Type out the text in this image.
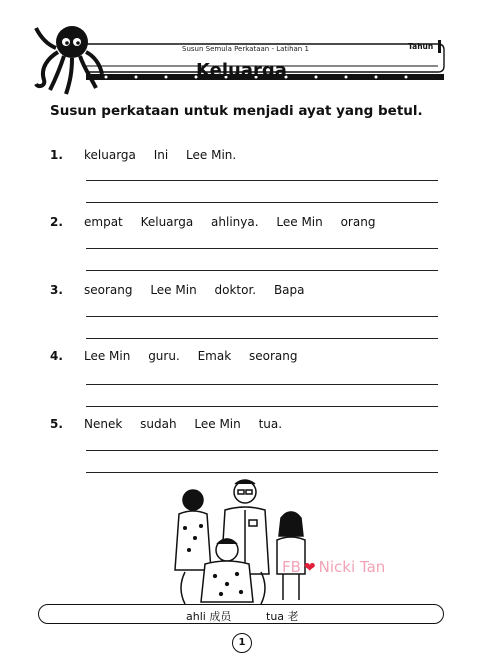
Susun Semula Perkataan - Latihan 1	Tahun
Keluarga
Susun perkataan untuk menjadi ayat yang betul.
1. keluarga Ini Lee Min.
2. empat Keluarga ahlinya. Lee Min orang
3. seorang Lee Min doktor. Bapa
4. Lee Min guru. Emak seorang
5. Nenek sudah Lee Min tua.
FB ❤ Nicki Tan
ahli 成员	tua 老
1
